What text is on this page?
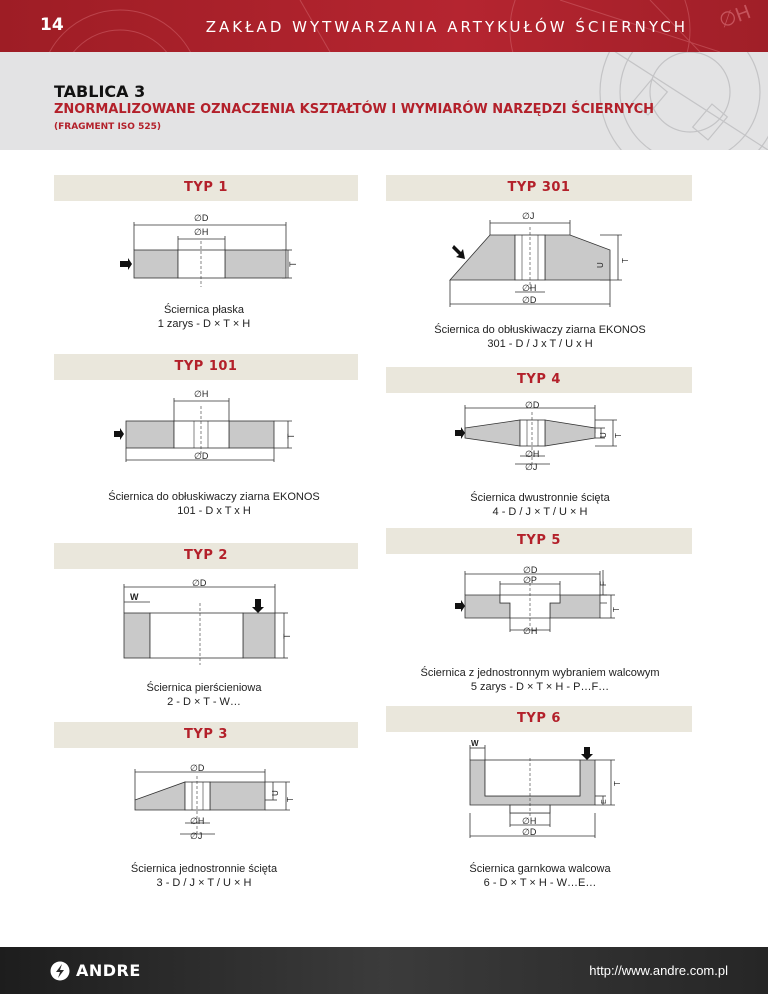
∅H
14	ZAKŁAD WYTWARZANIA ARTYKUŁÓW ŚCIERNYCH
TABLICA 3
ZNORMALIZOWANE OZNACZENIA KSZTAŁTÓW I WYMIARÓW NARZĘDZI ŚCIERNYCH
(FRAGMENT ISO 525)
TYP 1	TYP 301
TYP 101
TYP 4
TYP 2
TYP 5
TYP 3
TYP 6
∅D
∅H
T
Ściernica płaska
1 zarys - D × T × H
∅J
∅H
∅D
U
T
Ściernica do obłuskiwaczy ziarna EKONOS
301 - D / J x T / U x H
∅H
∅D
T
Ściernica do obłuskiwaczy ziarna EKONOS
101 - D x T x H
∅D
∅H
∅J
U T
Ściernica dwustronnie ścięta
4 - D / J × T / U × H
∅D
W
T
Ściernica pierścieniowa
2 - D × T - W…
∅D
∅P
∅H
F
T
Ściernica z jednostronnym wybraniem walcowym
5 zarys - D × T × H - P…F…
∅D
∅H
∅J
U
T
Ściernica jednostronnie ścięta
3 - D / J × T / U × H
W
∅H
∅D
E
T
Ściernica garnkowa walcowa
6 - D × T × H - W…E…
ANDRE	http://www.andre.com.pl
